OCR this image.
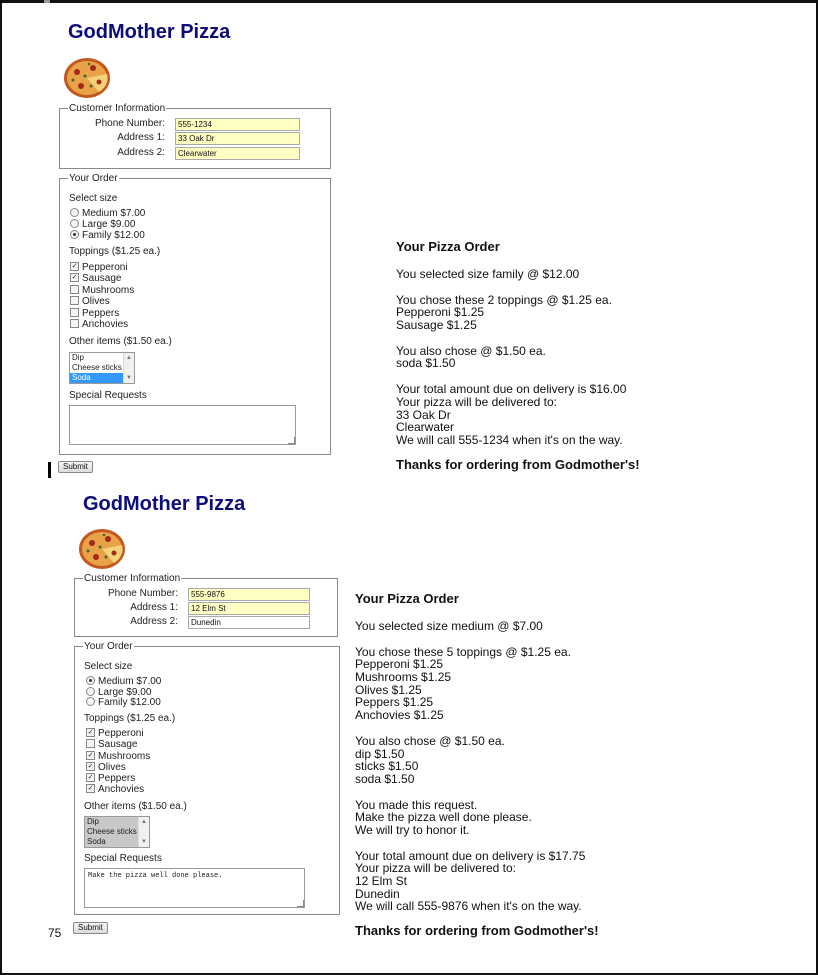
GodMother Pizza
Customer Information
Phone Number:	555-1234
Address 1:	33 Oak Dr
Address 2:	Clearwater
Your Order
Select size
Medium $7.00
Large $9.00
Family $12.00
Toppings ($1.25 ea.)
✓ Pepperoni
✓ Sausage
Mushrooms
Olives
Peppers
Anchovies
Other items ($1.50 ea.)
Dip
Cheese sticks
Soda
▲
▼
Special Requests
Submit
Your Pizza Order
You selected size family @ $12.00
You chose these 2 toppings @ $1.25 ea.
Pepperoni $1.25
Sausage $1.25
You also chose @ $1.50 ea.
soda $1.50
Your total amount due on delivery is $16.00
Your pizza will be delivered to:
33 Oak Dr
Clearwater
We will call 555-1234 when it's on the way.
Thanks for ordering from Godmother's!
GodMother Pizza
Customer Information
Phone Number:	555-9876
Address 1:	12 Elm St
Address 2:	Dunedin
Your Order
Select size
Medium $7.00
Large $9.00
Family $12.00
Toppings ($1.25 ea.)
✓ Pepperoni
Sausage
✓ Mushrooms
✓ Olives
✓ Peppers
✓ Anchovies
Other items ($1.50 ea.)
Dip
Cheese sticks
Soda
▲
▼
Special Requests
Make the pizza well done please.
Submit
Your Pizza Order
You selected size medium @ $7.00
You chose these 5 toppings @ $1.25 ea.
Pepperoni $1.25
Mushrooms $1.25
Olives $1.25
Peppers $1.25
Anchovies $1.25
You also chose @ $1.50 ea.
dip $1.50
sticks $1.50
soda $1.50
You made this request.
Make the pizza well done please.
We will try to honor it.
Your total amount due on delivery is $17.75
Your pizza will be delivered to:
12 Elm St
Dunedin
We will call 555-9876 when it's on the way.
Thanks for ordering from Godmother's!
75
